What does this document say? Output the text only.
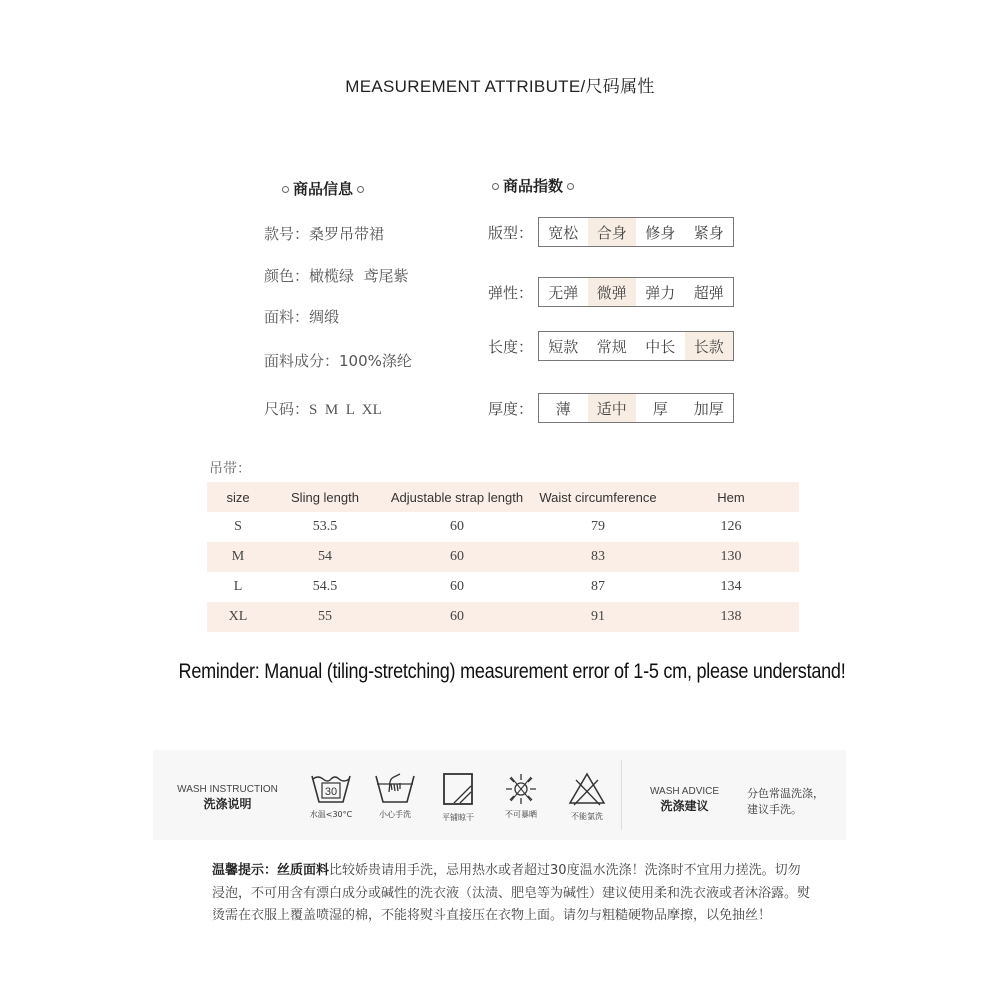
MEASUREMENT ATTRIBUTE/尺码属性
商品信息
款号：桑罗吊带裙
颜色：橄榄绿  鸢尾紫
面料：绸缎
面料成分：100%涤纶
尺码：S  M  L  XL
商品指数
版型：	宽松	合身	修身	紧身
弹性：	无弹	微弹	弹力	超弹
长度：	短款	常规	中长	长款
厚度：	薄	适中	厚	加厚
吊带：
size	Sling length	Adjustable strap length	Waist circumference	Hem
S	53.5	60	79	126
M	54	60	83	130
L	54.5	60	87	134
XL	55	60	91	138
Reminder: Manual (tiling-stretching) measurement error of 1-5 cm, please understand!
WASH INSTRUCTION
洗涤说明
30
水温<30°C	小心手洗	平铺晾干	不可暴晒	不能氯洗
WASH ADVICE
洗涤建议
分色常温洗涤，
建议手洗。
温馨提示：丝质面料比较娇贵请用手洗，忌用热水或者超过30度温水洗涤！洗涤时不宜用力搓洗。切勿浸泡，不可用含有漂白成分或碱性的洗衣液（汰渍、肥皂等为碱性）建议使用柔和洗衣液或者沐浴露。熨烫需在衣服上覆盖喷湿的棉，不能将熨斗直接压在衣物上面。请勿与粗糙硬物品摩擦，以免抽丝！
